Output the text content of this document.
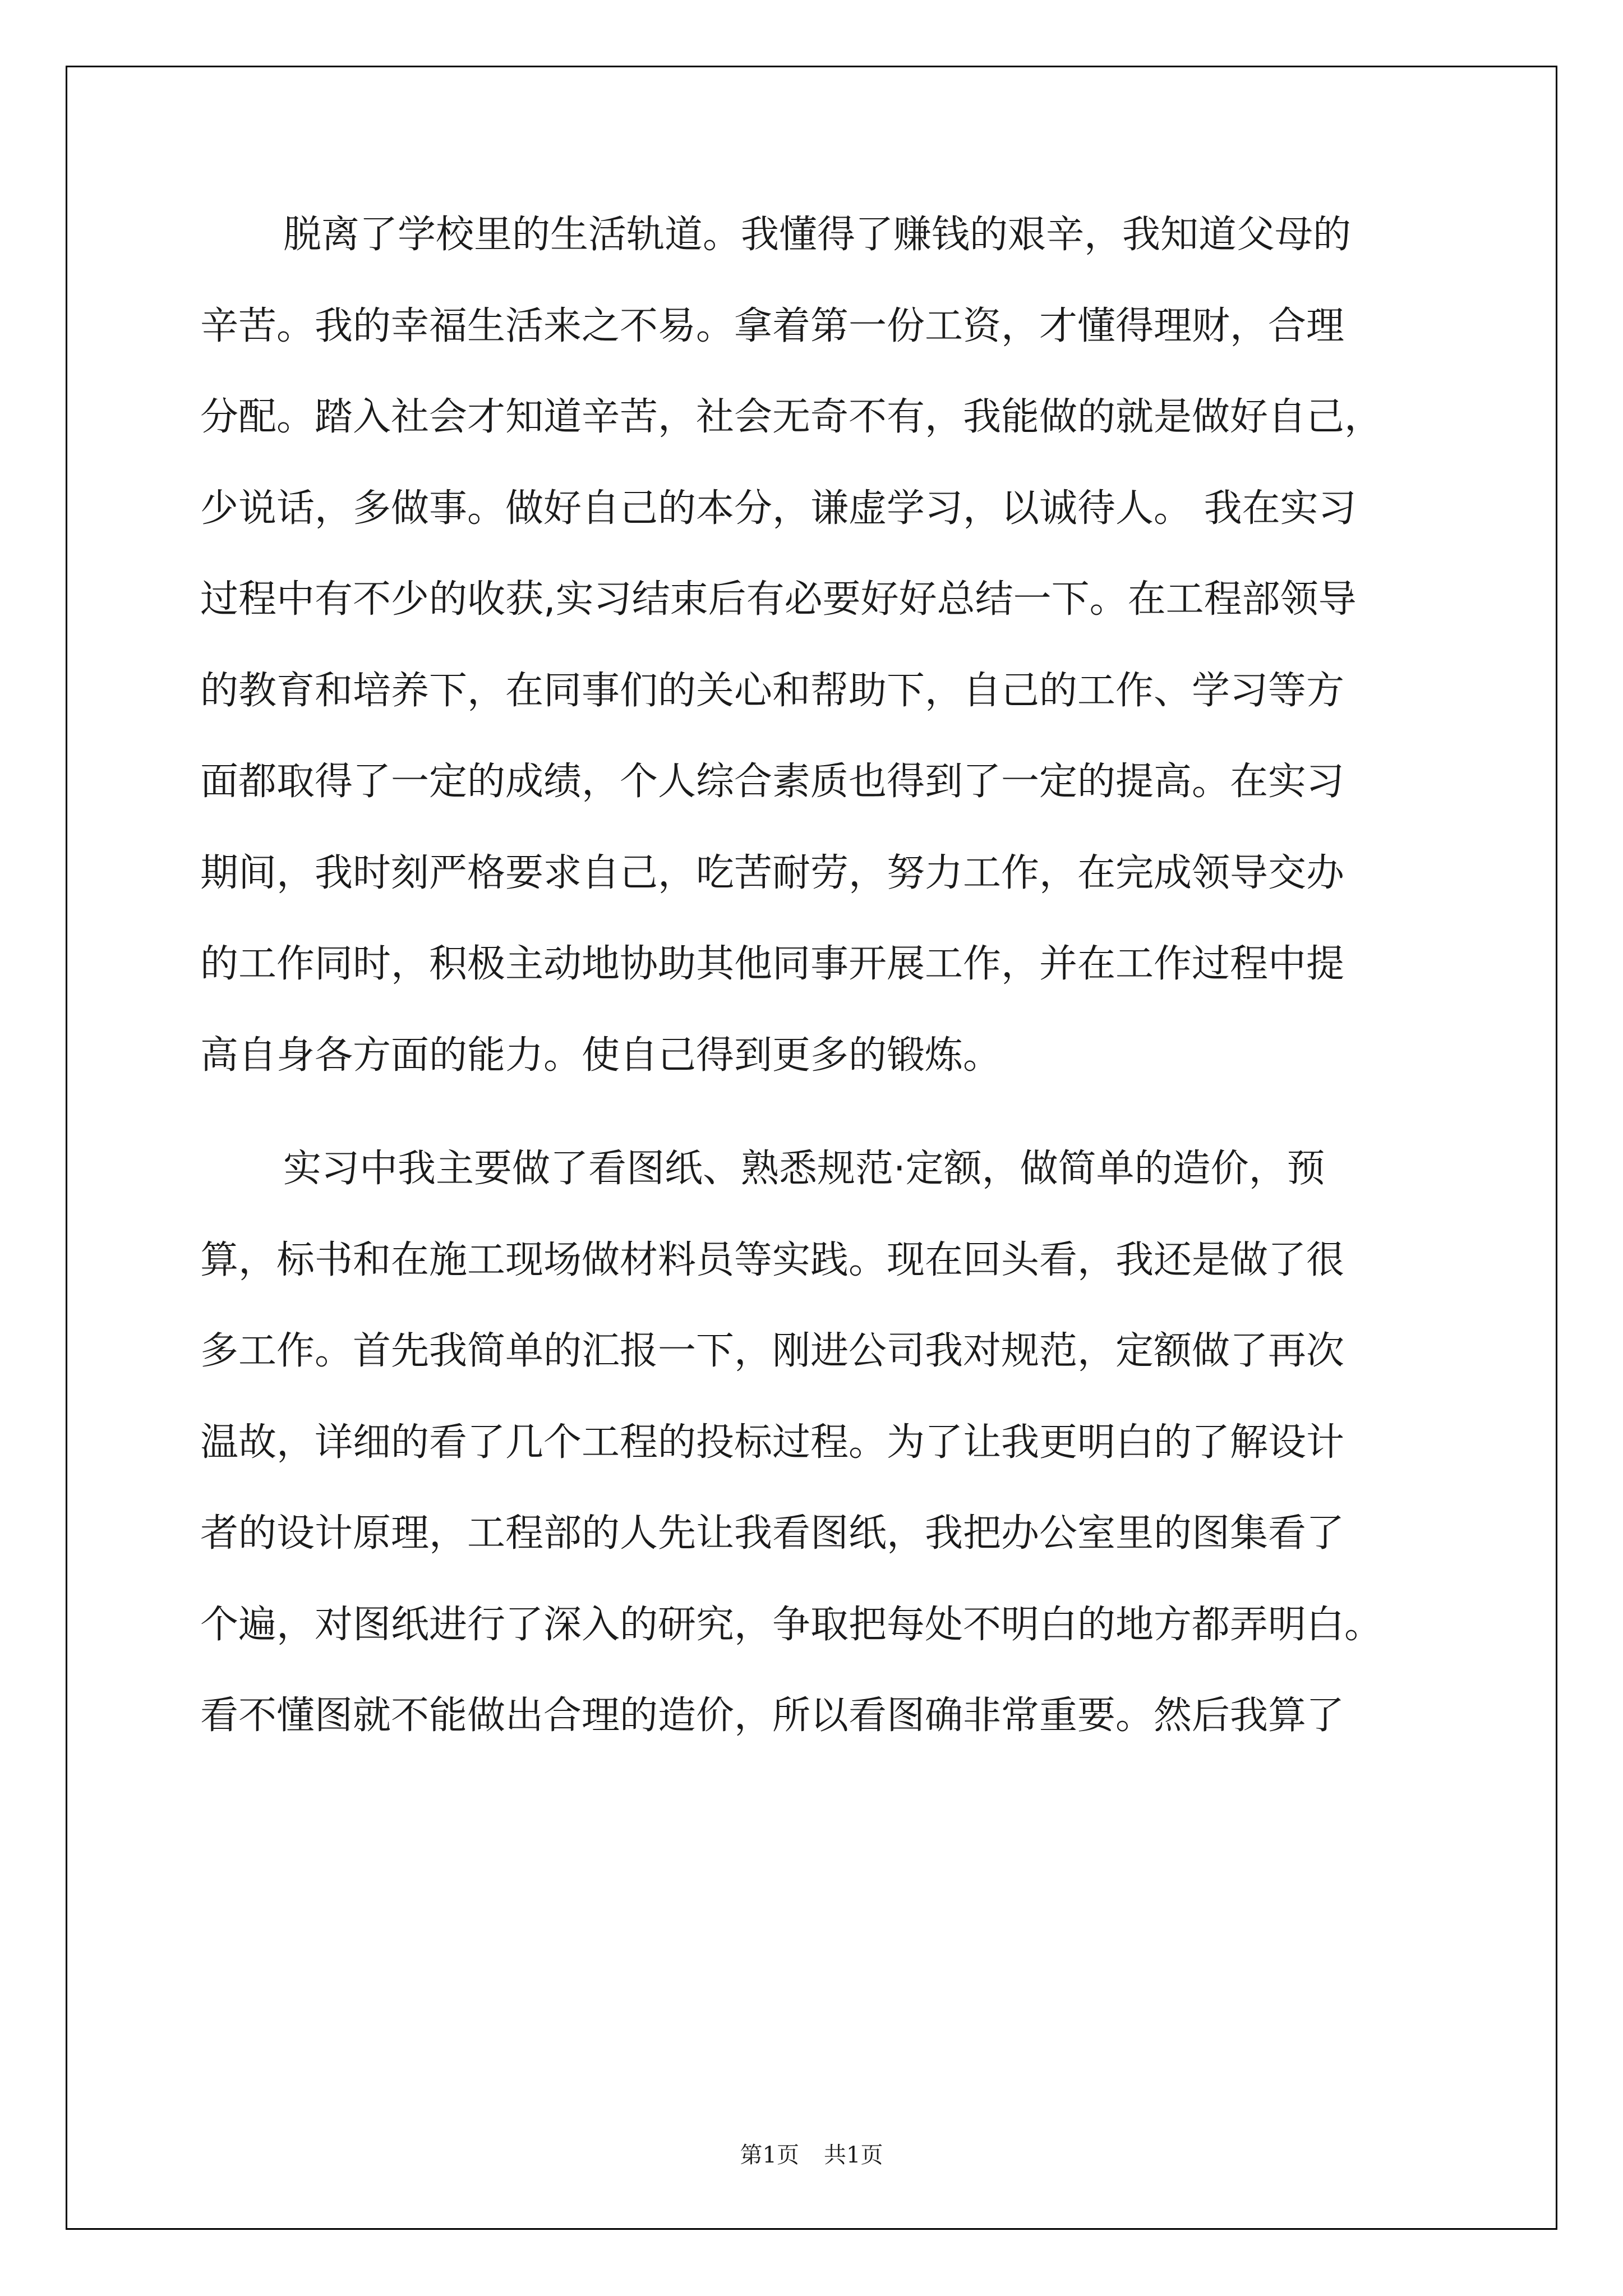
脱离了学校里的生活轨道。我懂得了赚钱的艰辛，我知道父母的
辛苦。我的幸福生活来之不易。拿着第一份工资，才懂得理财，合理
分配。踏入社会才知道辛苦，社会无奇不有，我能做的就是做好自己，
少说话，多做事。做好自己的本分，谦虚学习，以诚待人。 我在实习
过程中有不少的收获,实习结束后有必要好好总结一下。在工程部领导
的教育和培养下，在同事们的关心和帮助下，自己的工作、学习等方
面都取得了一定的成绩，个人综合素质也得到了一定的提高。在实习
期间，我时刻严格要求自己，吃苦耐劳，努力工作，在完成领导交办
的工作同时，积极主动地协助其他同事开展工作，并在工作过程中提
高自身各方面的能力。使自己得到更多的锻炼。
实习中我主要做了看图纸、熟悉规范·定额，做简单的造价，预
算，标书和在施工现场做材料员等实践。现在回头看，我还是做了很
多工作。首先我简单的汇报一下，刚进公司我对规范，定额做了再次
温故，详细的看了几个工程的投标过程。为了让我更明白的了解设计
者的设计原理，工程部的人先让我看图纸，我把办公室里的图集看了
个遍，对图纸进行了深入的研究，争取把每处不明白的地方都弄明白。
看不懂图就不能做出合理的造价，所以看图确非常重要。然后我算了
第1页 共1页
